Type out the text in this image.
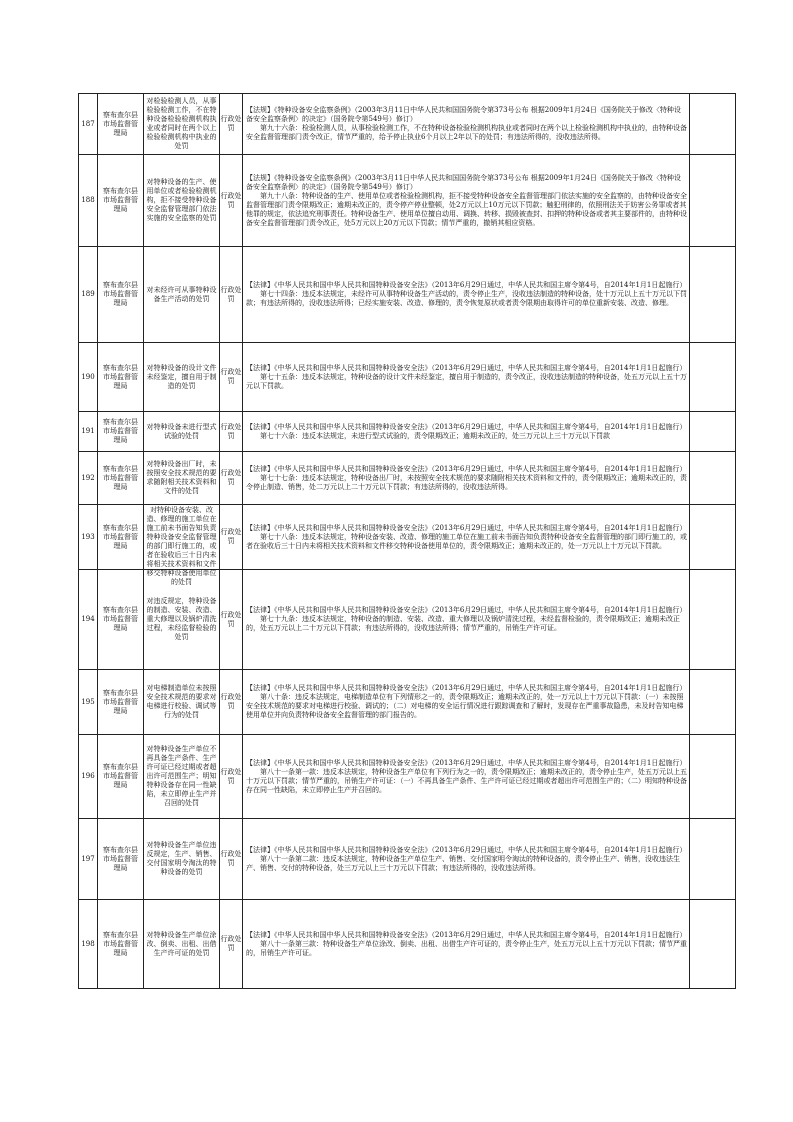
187	察布查尔县市场监督管理局	对检验检测人员，从事检验检测工作，不在特种设备检验检测机构执业或者同时在两个以上检验检测机构中执业的处罚	行政处罚	【法规】《特种设备安全监察条例》（2003年3月11日中华人民共和国国务院令第373号公布 根据2009年1月24日《国务院关于修改〈特种设备安全监察条例〉的决定》（国务院令第549号）修订）

第九十六条：检验检测人员，从事检验检测工作，不在特种设备检验检测机构执业或者同时在两个以上检验检测机构中执业的，由特种设备安全监督管理部门责令改正，情节严重的，给予停止执业6个月以上2年以下的处罚；有违法所得的，没收违法所得。	

188	察布查尔县市场监督管理局	对特种设备的生产、使用单位或者检验检测机构，拒不接受特种设备安全监督管理部门依法实施的安全监察的处罚	行政处罚	【法规】《特种设备安全监察条例》（2003年3月11日中华人民共和国国务院令第373号公布 根据2009年1月24日《国务院关于修改〈特种设备安全监察条例〉的决定》（国务院令第549号）修订）

第九十八条：特种设备的生产、使用单位或者检验检测机构，拒不接受特种设备安全监督管理部门依法实施的安全监察的，由特种设备安全监督管理部门责令限期改正；逾期未改正的，责令停产停业整顿，处2万元以上10万元以下罚款；触犯刑律的，依照刑法关于妨害公务罪或者其他罪的规定，依法追究刑事责任。特种设备生产、使用单位擅自动用、调换、转移、损毁被查封、扣押的特种设备或者其主要部件的，由特种设备安全监督管理部门责令改正，处5万元以上20万元以下罚款；情节严重的，撤销其相应资格。	

189	察布查尔县市场监督管理局	对未经许可从事特种设备生产活动的处罚	行政处罚	【法律】《中华人民共和国中华人民共和国特种设备安全法》（2013年6月29日通过，中华人民共和国主席令第4号，自2014年1月1日起施行）

第七十四条：违反本法规定，未经许可从事特种设备生产活动的，责令停止生产，没收违法制造的特种设备，处十万元以上五十万元以下罚款；有违法所得的，没收违法所得；已经实施安装、改造、修理的，责令恢复原状或者责令限期由取得许可的单位重新安装、改造、修理。	

190	察布查尔县市场监督管理局	对特种设备的设计文件未经鉴定，擅自用于制造的处罚	行政处罚	【法律】《中华人民共和国中华人民共和国特种设备安全法》（2013年6月29日通过，中华人民共和国主席令第4号，自2014年1月1日起施行）

第七十五条：违反本法规定，特种设备的设计文件未经鉴定，擅自用于制造的，责令改正，没收违法制造的特种设备，处五万元以上五十万元以下罚款。	

191	察布查尔县市场监督管理局	对特种设备未进行型式试验的处罚	行政处罚	【法律】《中华人民共和国中华人民共和国特种设备安全法》（2013年6月29日通过，中华人民共和国主席令第4号，自2014年1月1日起施行）

第七十六条：违反本法规定，未进行型式试验的，责令限期改正；逾期未改正的，处三万元以上三十万元以下罚款	

192	察布查尔县市场监督管理局	对特种设备出厂时，未按照安全技术规范的要求随附相关技术资料和文件的处罚	行政处罚	【法律】《中华人民共和国中华人民共和国特种设备安全法》（2013年6月29日通过，中华人民共和国主席令第4号，自2014年1月1日起施行）

第七十七条：违反本法规定，特种设备出厂时，未按照安全技术规范的要求随附相关技术资料和文件的，责令限期改正；逾期未改正的，责令停止制造、销售，处二万元以上二十万元以下罚款；有违法所得的，没收违法所得。	

193	察布查尔县市场监督管理局	对特种设备安装、改造、修理的施工单位在施工前未书面告知负责特种设备安全监督管理的部门即行施工的，或者在验收后三十日内未将相关技术资料和文件移交特种设备使用单位的处罚	行政处罚	【法律】《中华人民共和国中华人民共和国特种设备安全法》（2013年6月29日通过，中华人民共和国主席令第4号，自2014年1月1日起施行）

第七十八条：违反本法规定，特种设备安装、改造、修理的施工单位在施工前未书面告知负责特种设备安全监督管理的部门即行施工的，或者在验收后三十日内未将相关技术资料和文件移交特种设备使用单位的，责令限期改正；逾期未改正的，处一万元以上十万元以下罚款。	

194	察布查尔县市场监督管理局	对违反规定，特种设备的制造、安装、改造、重大修理以及锅炉清洗过程，未经监督检验的处罚	行政处罚	【法律】《中华人民共和国中华人民共和国特种设备安全法》（2013年6月29日通过，中华人民共和国主席令第4号，自2014年1月1日起施行）

第七十九条：违反本法规定，特种设备的制造、安装、改造、重大修理以及锅炉清洗过程，未经监督检验的，责令限期改正；逾期未改正的，处五万元以上二十万元以下罚款；有违法所得的，没收违法所得；情节严重的，吊销生产许可证。	

195	察布查尔县市场监督管理局	对电梯制造单位未按照安全技术规范的要求对电梯进行校验、调试等行为的处罚	行政处罚	【法律】《中华人民共和国中华人民共和国特种设备安全法》（2013年6月29日通过，中华人民共和国主席令第4号，自2014年1月1日起施行）

第八十条：违反本法规定，电梯制造单位有下列情形之一的，责令限期改正；逾期未改正的，处一万元以上十万元以下罚款：（一）未按照安全技术规范的要求对电梯进行校验、调试的；（二）对电梯的安全运行情况进行跟踪调查和了解时，发现存在严重事故隐患，未及时告知电梯使用单位并向负责特种设备安全监督管理的部门报告的。	

196	察布查尔县市场监督管理局	对特种设备生产单位不再具备生产条件、生产许可证已经过期或者超出许可范围生产；明知特种设备存在同一性缺陷，未立即停止生产并召回的处罚	行政处罚	【法律】《中华人民共和国中华人民共和国特种设备安全法》（2013年6月29日通过，中华人民共和国主席令第4号，自2014年1月1日起施行）

第八十一条第一款：违反本法规定，特种设备生产单位有下列行为之一的，责令限期改正；逾期未改正的，责令停止生产，处五万元以上五十万元以下罚款；情节严重的，吊销生产许可证：（一）不再具备生产条件、生产许可证已经过期或者超出许可范围生产的；（二）明知特种设备存在同一性缺陷，未立即停止生产并召回的。	

197	察布查尔县市场监督管理局	对特种设备生产单位违反规定，生产、销售、交付国家明令淘汰的特种设备的处罚	行政处罚	【法律】《中华人民共和国中华人民共和国特种设备安全法》（2013年6月29日通过，中华人民共和国主席令第4号，自2014年1月1日起施行）

第八十一条第二款：违反本法规定，特种设备生产单位生产、销售、交付国家明令淘汰的特种设备的，责令停止生产、销售，没收违法生产、销售、交付的特种设备，处三万元以上三十万元以下罚款；有违法所得的，没收违法所得。	

198	察布查尔县市场监督管理局	对特种设备生产单位涂改、倒卖、出租、出借生产许可证的处罚	行政处罚	【法律】《中华人民共和国中华人民共和国特种设备安全法》（2013年6月29日通过，中华人民共和国主席令第4号，自2014年1月1日起施行）

第八十一条第三款：特种设备生产单位涂改、倒卖、出租、出借生产许可证的，责令停止生产，处五万元以上五十万元以下罚款；情节严重的，吊销生产许可证。	
